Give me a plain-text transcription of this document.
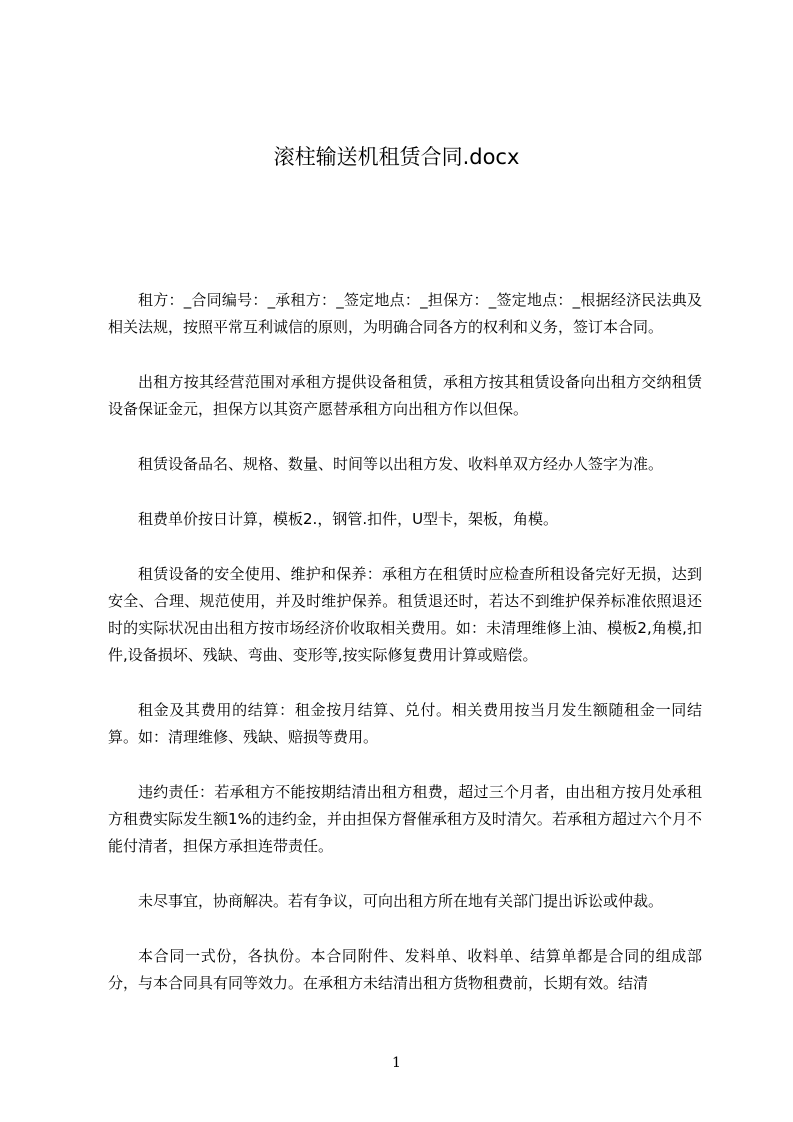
滚柱输送机租赁合同.docx

租方：_合同编号：_承租方：_签定地点：_担保方：_签定地点：_根据经济民法典及相关法规，按照平常互利诚信的原则，为明确合同各方的权利和义务，签订本合同。

出租方按其经营范围对承租方提供设备租赁，承租方按其租赁设备向出租方交纳租赁设备保证金元，担保方以其资产愿替承租方向出租方作以但保。

租赁设备品名、规格、数量、时间等以出租方发、收料单双方经办人签字为准。

租费单价按日计算，模板2.，钢管.扣件，U型卡，架板，角模。

租赁设备的安全使用、维护和保养：承租方在租赁时应检查所租设备完好无损，达到安全、合理、规范使用，并及时维护保养。租赁退还时，若达不到维护保养标准依照退还时的实际状况由出租方按市场经济价收取相关费用。如：未清理维修上油、模板2,角模,扣件,设备损坏、残缺、弯曲、变形等,按实际修复费用计算或赔偿。

租金及其费用的结算：租金按月结算、兑付。相关费用按当月发生额随租金一同结算。如：清理维修、残缺、赔损等费用。

违约责任：若承租方不能按期结清出租方租费，超过三个月者，由出租方按月处承租方租费实际发生额1%的违约金，并由担保方督催承租方及时清欠。若承租方超过六个月不能付清者，担保方承担连带责任。

未尽事宜，协商解决。若有争议，可向出租方所在地有关部门提出诉讼或仲裁。

本合同一式份，各执份。本合同附件、发料单、收料单、结算单都是合同的组成部分，与本合同具有同等效力。在承租方未结清出租方货物租费前，长期有效。结清

1
